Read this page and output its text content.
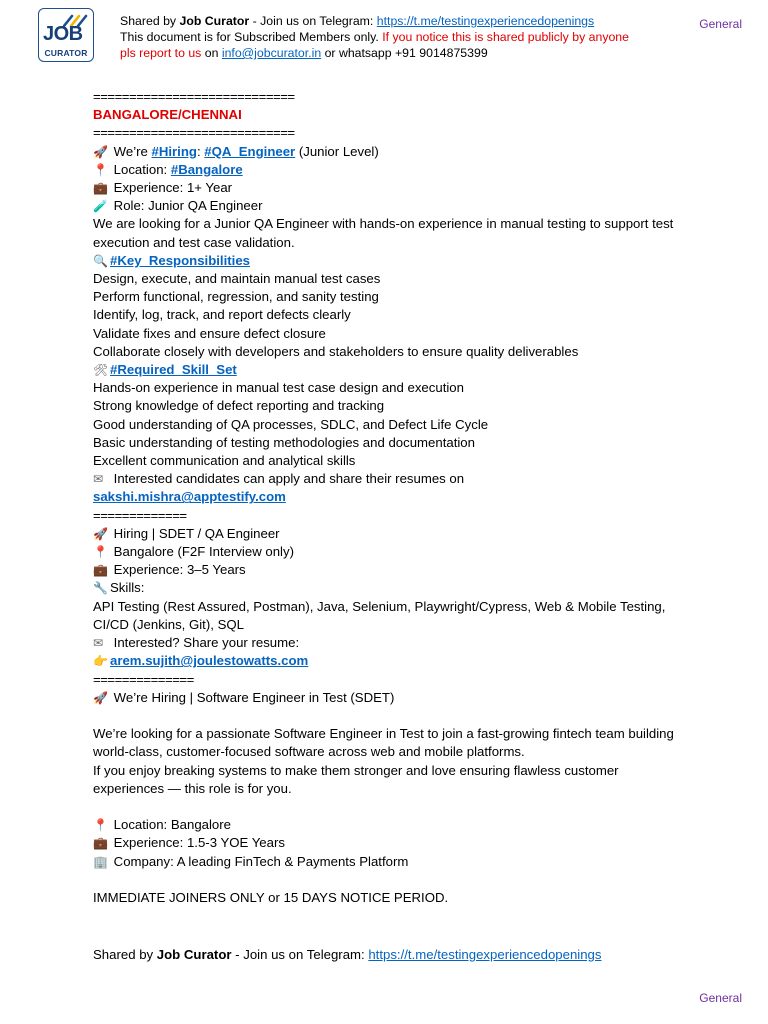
JOB
CURATOR
Shared by Job Curator - Join us on Telegram: https://t.me/testingexperiencedopenings
This document is for Subscribed Members only. If you notice this is shared publicly by anyone
pls report to us on info@jobcurator.in or whatsapp +91 9014875399
General
============================
BANGALORE/CHENNAI
============================
🚀 We’re #Hiring: #QA_Engineer (Junior Level)
📍 Location: #Bangalore
💼 Experience: 1+ Year
🧪 Role: Junior QA Engineer
We are looking for a Junior QA Engineer with hands-on experience in manual testing to support test execution and test case validation.
🔍 #Key_Responsibilities
Design, execute, and maintain manual test cases
Perform functional, regression, and sanity testing
Identify, log, track, and report defects clearly
Validate fixes and ensure defect closure
Collaborate closely with developers and stakeholders to ensure quality deliverables
🛠 #Required_Skill_Set
Hands-on experience in manual test case design and execution
Strong knowledge of defect reporting and tracking
Good understanding of QA processes, SDLC, and Defect Life Cycle
Basic understanding of testing methodologies and documentation
Excellent communication and analytical skills
✉ Interested candidates can apply and share their resumes on
sakshi.mishra@apptestify.com
=============
🚀 Hiring | SDET / QA Engineer
📍 Bangalore (F2F Interview only)
💼 Experience: 3–5 Years
🔧 Skills:
API Testing (Rest Assured, Postman), Java, Selenium, Playwright/Cypress, Web & Mobile Testing, CI/CD (Jenkins, Git), SQL
✉ Interested? Share your resume:
👉 arem.sujith@joulestowatts.com
==============
🚀 We’re Hiring | Software Engineer in Test (SDET)
We’re looking for a passionate Software Engineer in Test to join a fast-growing fintech team building world-class, customer-focused software across web and mobile platforms.
If you enjoy breaking systems to make them stronger and love ensuring flawless customer experiences — this role is for you.
📍 Location: Bangalore
💼 Experience: 1.5-3 YOE Years
🏢 Company: A leading FinTech & Payments Platform
IMMEDIATE JOINERS ONLY or 15 DAYS NOTICE PERIOD.
Shared by Job Curator - Join us on Telegram: https://t.me/testingexperiencedopenings
General
